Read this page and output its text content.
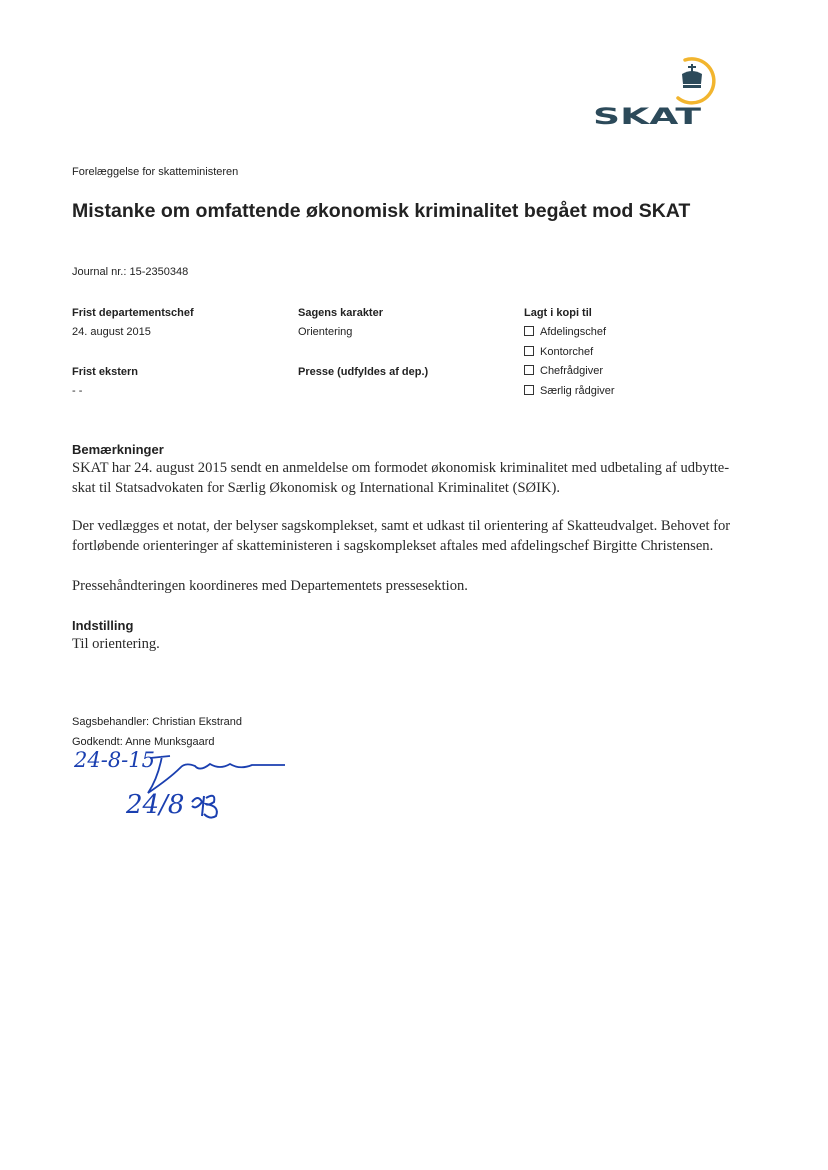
SKAT
Forelæggelse for skatteministeren
Mistanke om omfattende økonomisk kriminalitet begået mod SKAT
Journal nr.: 15-2350348
Frist departementschef
24. august 2015
Frist ekstern
- -
Sagens karakter
Orientering
Presse (udfyldes af dep.)
Lagt i kopi til
Afdelingschef
Kontorchef
Chefrådgiver
Særlig rådgiver
Bemærkninger
SKAT har 24. august 2015 sendt en anmeldelse om formodet økonomisk kriminalitet med udbetaling af udbytte-
skat til Statsadvokaten for Særlig Økonomisk og International Kriminalitet (SØIK).
Der vedlægges et notat, der belyser sagskomplekset, samt et udkast til orientering af Skatteudvalget. Behovet for
fortløbende orienteringer af skatteministeren i sagskomplekset aftales med afdelingschef Birgitte Christensen.
Pressehåndteringen koordineres med Departementets pressesektion.
Indstilling
Til orientering.
Sagsbehandler: Christian Ekstrand
Godkendt: Anne Munksgaard
24-8-15
24/8
